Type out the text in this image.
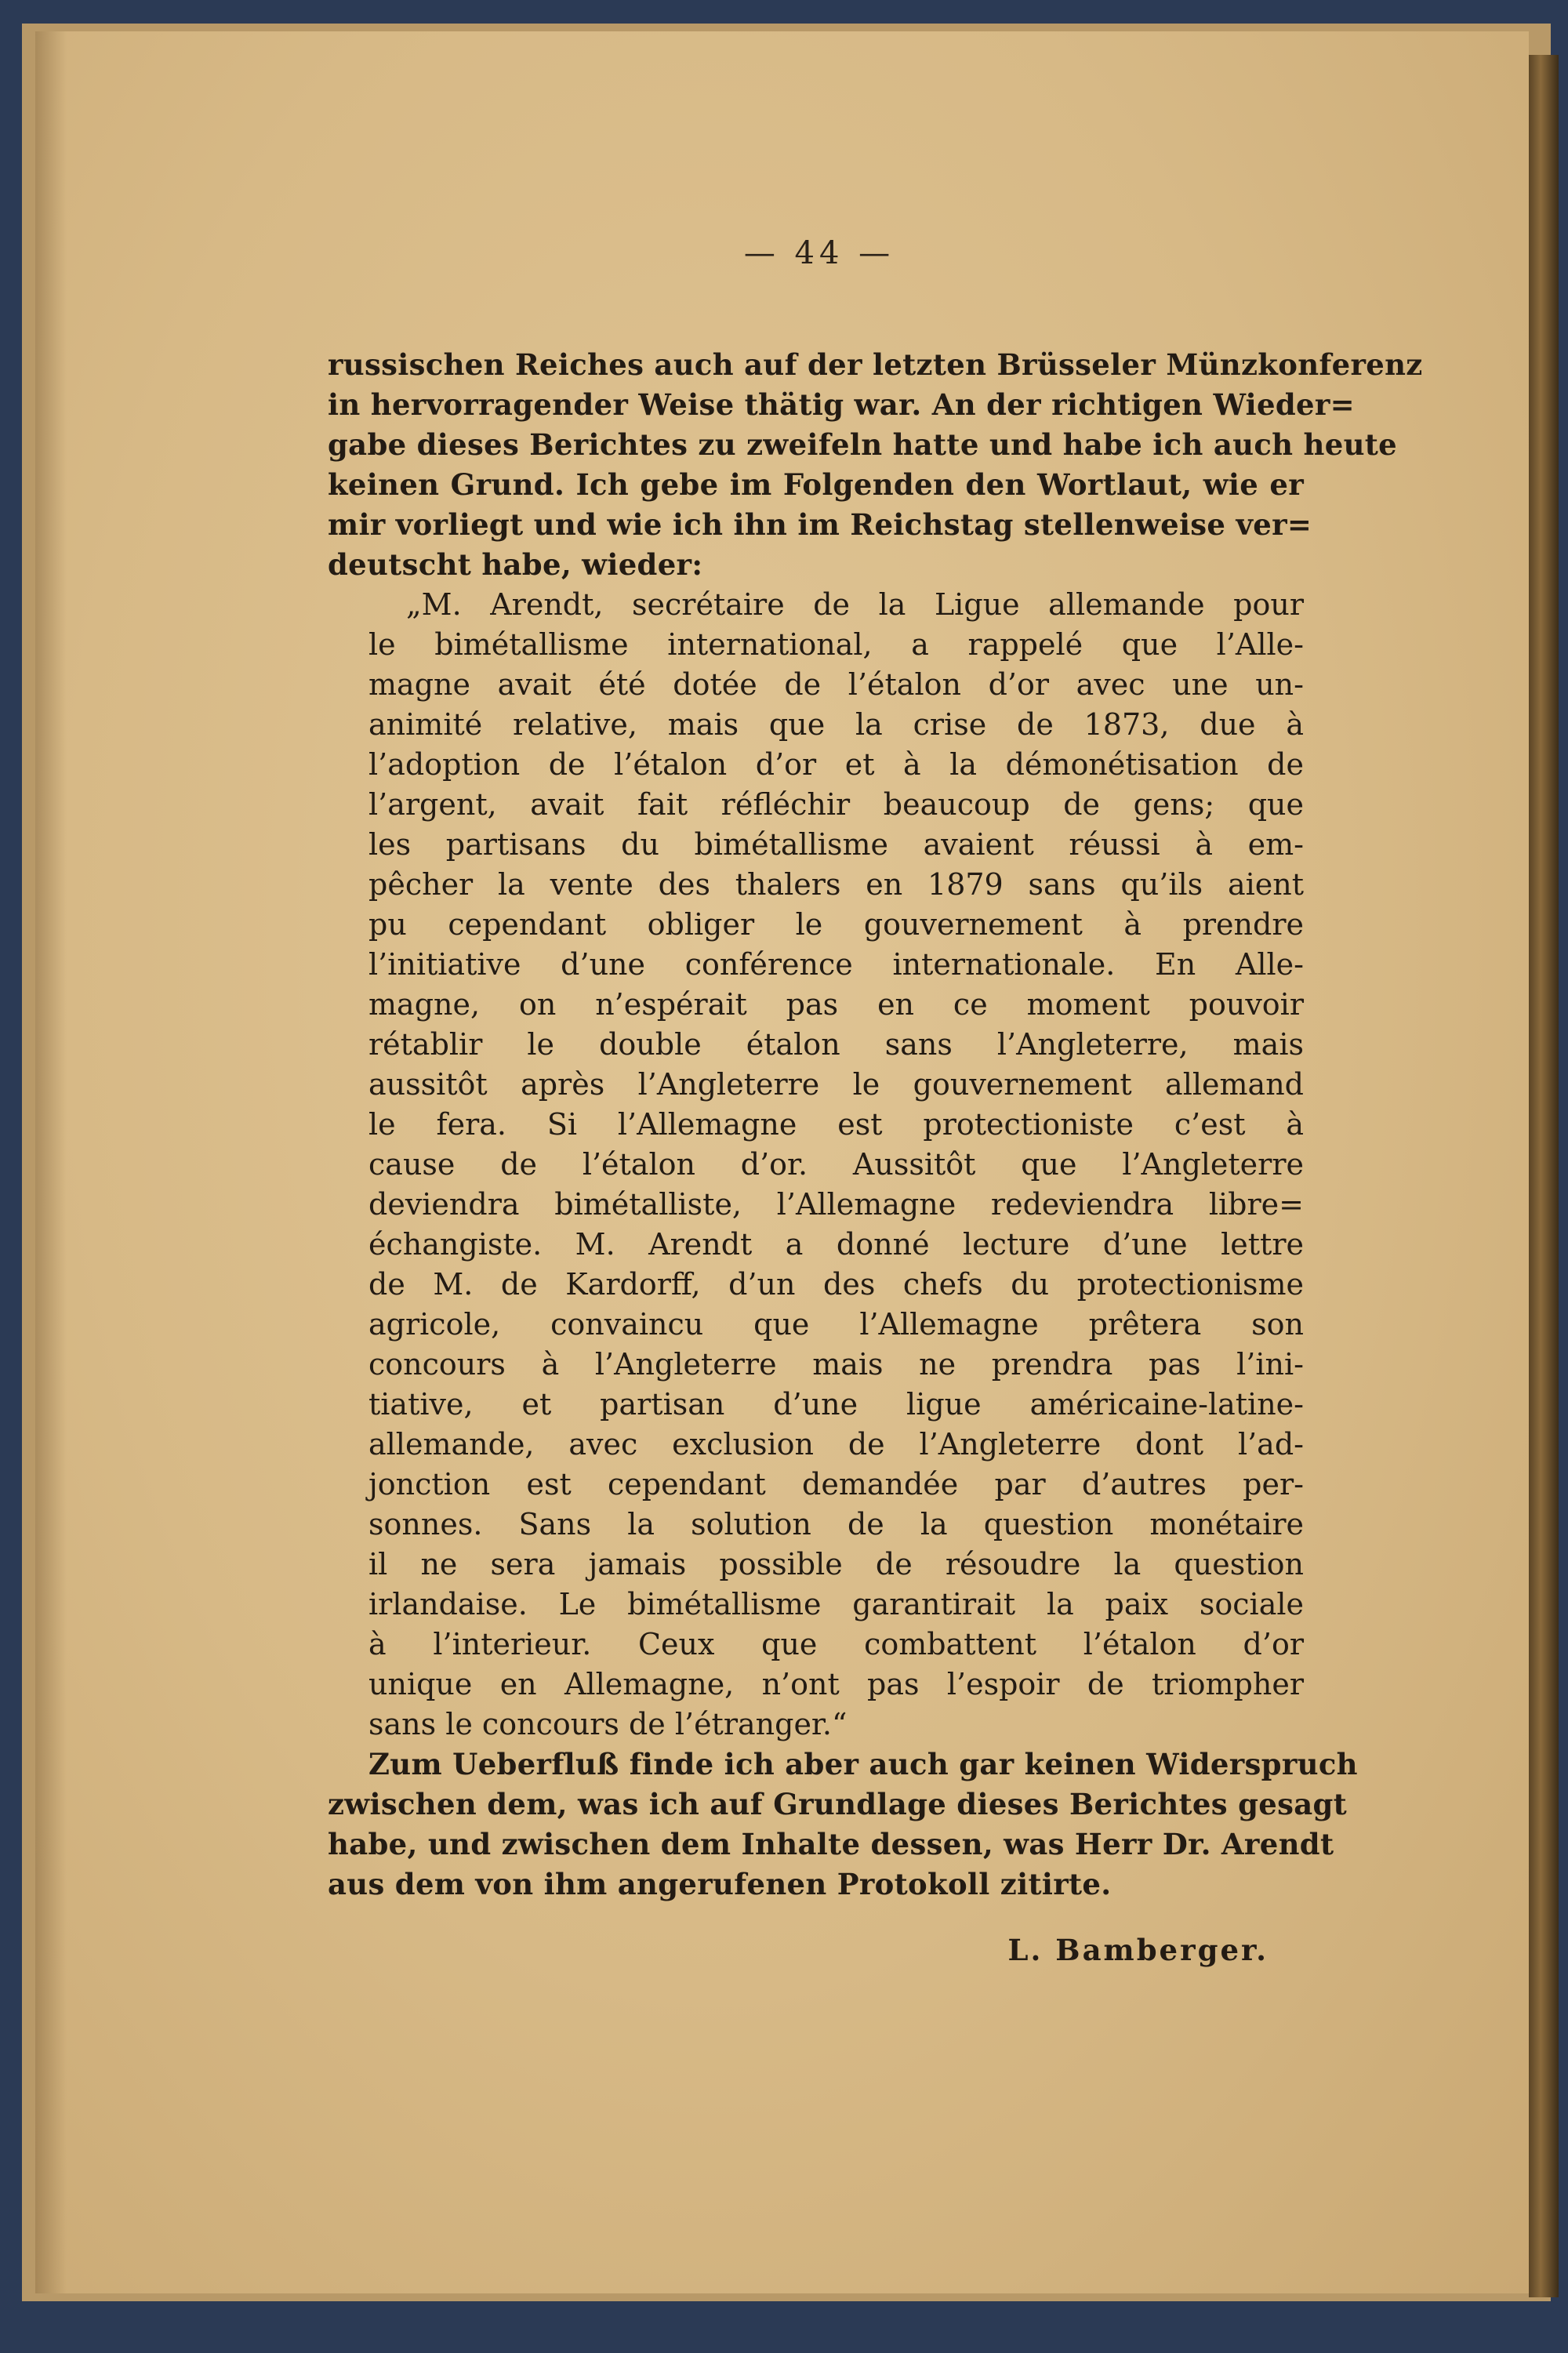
— 44 —
russischen Reiches auch auf der letzten Brüsseler Münzkonferenz
in hervorragender Weise thätig war. An der richtigen Wieder=
gabe dieses Berichtes zu zweifeln hatte und habe ich auch heute
keinen Grund. Ich gebe im Folgenden den Wortlaut, wie er
mir vorliegt und wie ich ihn im Reichstag stellenweise ver=
deutscht habe, wieder:
„M. Arendt, secrétaire de la Ligue allemande pour
le bimétallisme international, a rappelé que l’Alle-
magne avait été dotée de l’étalon d’or avec une un-
animité relative, mais que la crise de 1873, due à
l’adoption de l’étalon d’or et à la démonétisation de
l’argent, avait fait réfléchir beaucoup de gens; que
les partisans du bimétallisme avaient réussi à em-
pêcher la vente des thalers en 1879 sans qu’ils aient
pu cependant obliger le gouvernement à prendre
l’initiative d’une conférence internationale. En Alle-
magne, on n’espérait pas en ce moment pouvoir
rétablir le double étalon sans l’Angleterre, mais
aussitôt après l’Angleterre le gouvernement allemand
le fera. Si l’Allemagne est protectioniste c’est à
cause de l’étalon d’or. Aussitôt que l’Angleterre
deviendra bimétalliste, l’Allemagne redeviendra libre=
échangiste. M. Arendt a donné lecture d’une lettre
de M. de Kardorff, d’un des chefs du protectionisme
agricole, convaincu que l’Allemagne prêtera son
concours à l’Angleterre mais ne prendra pas l’ini-
tiative, et partisan d’une ligue américaine-latine-
allemande, avec exclusion de l’Angleterre dont l’ad-
jonction est cependant demandée par d’autres per-
sonnes. Sans la solution de la question monétaire
il ne sera jamais possible de résoudre la question
irlandaise. Le bimétallisme garantirait la paix sociale
à l’interieur. Ceux que combattent l’étalon d’or
unique en Allemagne, n’ont pas l’espoir de triompher
sans le concours de l’étranger.“
Zum Ueberfluß finde ich aber auch gar keinen Widerspruch
zwischen dem, was ich auf Grundlage dieses Berichtes gesagt
habe, und zwischen dem Inhalte dessen, was Herr Dr. Arendt
aus dem von ihm angerufenen Protokoll zitirte.
L. Bamberger.
